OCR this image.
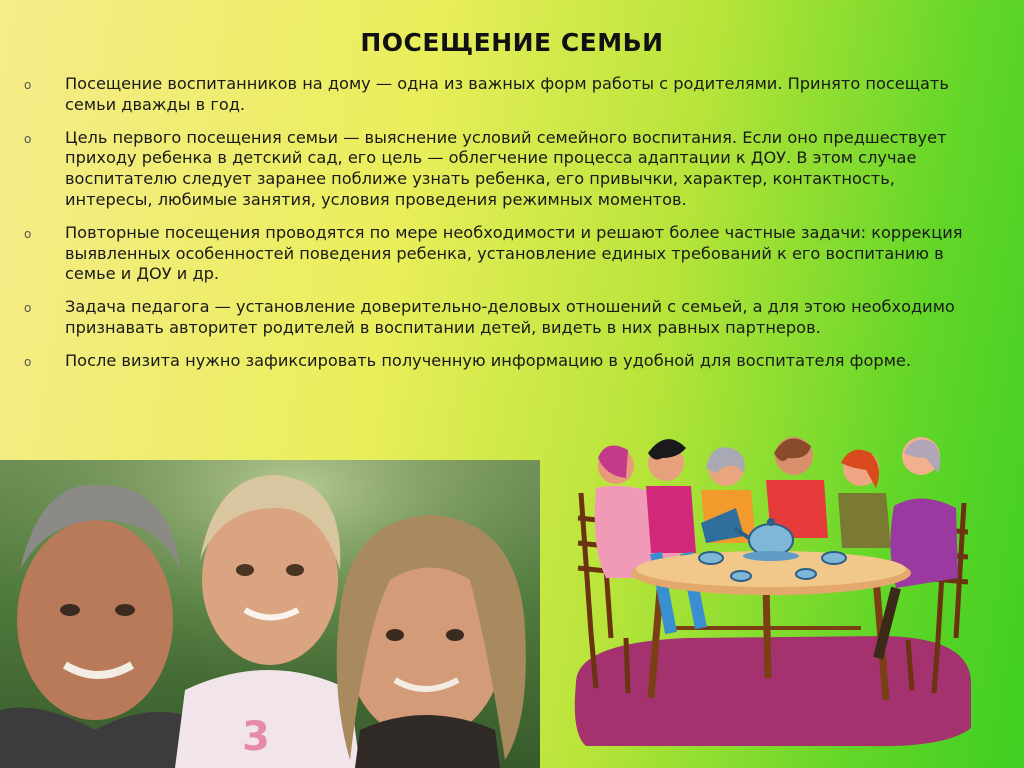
ПОСЕЩЕНИЕ СЕМЬИ
o Посещение воспитанников на дому — одна из важных форм работы с родителями. Принято посещать семьи дважды в год.
o Цель первого посещения семьи — выяснение условий семейного воспитания. Если оно предшествует приходу ребенка в детский сад, его цель — облегчение процесса адаптации к ДОУ. В этом случае воспитателю следует заранее поближе узнать ребенка, его привычки, характер, контактность, интересы, любимые занятия, условия проведения режимных моментов.
o Повторные посещения проводятся по мере необходимости и решают более частные задачи: коррекция выявленных особенностей поведения ребенка, установление единых требований к его воспитанию в семье и ДОУ и др.
o Задача педагога — установление доверительно-деловых отношений с семьей, а для этою необходимо признавать авторитет родителей в воспитании детей, видеть в них равных партнеров.
o После визита нужно зафиксировать полученную информацию в удобной для воспитателя форме.
3
